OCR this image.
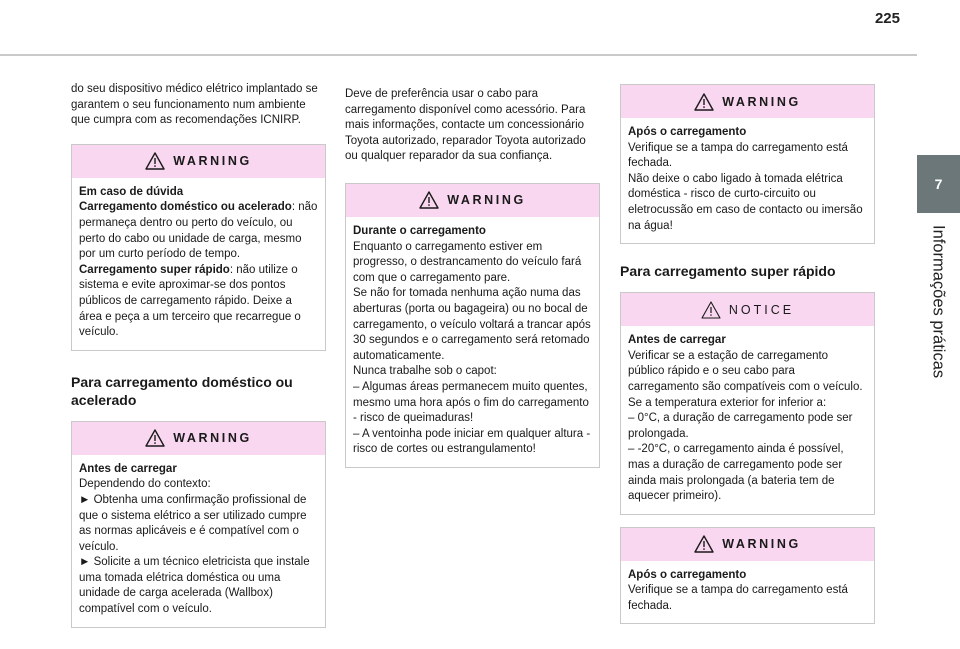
225
7
Informações práticas

do seu dispositivo médico elétrico implantado se garantem o seu funcionamento num ambiente que cumpra com as recomendações ICNIRP.

WARNING

Em caso de dúvida

Carregamento doméstico ou acelerado: não permaneça dentro ou perto do veículo, ou perto do cabo ou unidade de carga, mesmo por um curto período de tempo.

Carregamento super rápido: não utilize o sistema e evite aproximar-se dos pontos públicos de carregamento rápido. Deixe a área e peça a um terceiro que recarregue o veículo.

Para carregamento doméstico ou acelerado
WARNING

Antes de carregar

Dependendo do contexto:

► Obtenha uma confirmação profissional de que o sistema elétrico a ser utilizado cumpre as normas aplicáveis e é compatível com o veículo.

► Solicite a um técnico eletricista que instale uma tomada elétrica doméstica ou uma unidade de carga acelerada (Wallbox) compatível com o veículo.

Deve de preferência usar o cabo para carregamento disponível como acessório. Para mais informações, contacte um concessionário Toyota autorizado, reparador Toyota autorizado ou qualquer reparador da sua confiança.

WARNING

Durante o carregamento

Enquanto o carregamento estiver em progresso, o destrancamento do veículo fará com que o carregamento pare.

Se não for tomada nenhuma ação numa das aberturas (porta ou bagageira) ou no bocal de carregamento, o veículo voltará a trancar após 30 segundos e o carregamento será retomado automaticamente.

Nunca trabalhe sob o capot:

– Algumas áreas permanecem muito quentes, mesmo uma hora após o fim do carregamento - risco de queimaduras!

– A ventoinha pode iniciar em qualquer altura - risco de cortes ou estrangulamento!

WARNING

Após o carregamento

Verifique se a tampa do carregamento está fechada.

Não deixe o cabo ligado à tomada elétrica doméstica - risco de curto-circuito ou eletrocussão em caso de contacto ou imersão na água!

Para carregamento super rápido
NOTICE

Antes de carregar

Verificar se a estação de carregamento público rápido e o seu cabo para carregamento são compatíveis com o veículo.

Se a temperatura exterior for inferior a:

– 0°C, a duração de carregamento pode ser prolongada.

– -20°C, o carregamento ainda é possível, mas a duração de carregamento pode ser ainda mais prolongada (a bateria tem de aquecer primeiro).

WARNING

Após o carregamento

Verifique se a tampa do carregamento está fechada.
